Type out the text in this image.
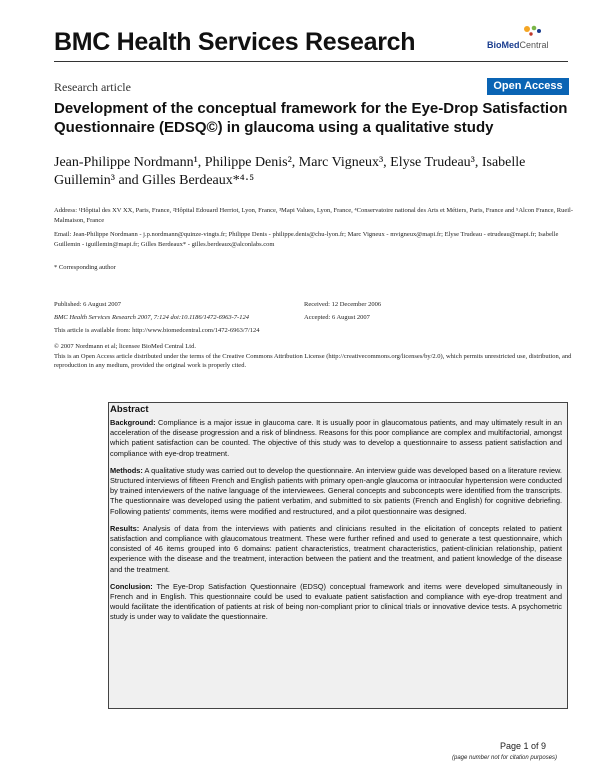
BMC Health Services Research	BioMedCentral
Research article	Open Access
Development of the conceptual framework for the Eye-Drop Satisfaction Questionnaire (EDSQ©) in glaucoma using a qualitative study
Jean-Philippe Nordmann¹, Philippe Denis², Marc Vigneux³, Elyse Trudeau³, Isabelle Guillemin³ and Gilles Berdeaux*⁴·⁵
Address: ¹Hôpital des XV XX, Paris, France, ²Hôpital Edouard Herriot, Lyon, France, ³Mapi Values, Lyon, France, ⁴Conservatoire national des Arts et Métiers, Paris, France and ⁵Alcon France, Rueil-Malmaison, France
Email: Jean-Philippe Nordmann - j.p.nordmann@quinze-vingts.fr; Philippe Denis - philippe.denis@chu-lyon.fr; Marc Vigneux - mvigneux@mapi.fr; Elyse Trudeau - etrudeau@mapi.fr; Isabelle Guillemin - iguillemin@mapi.fr; Gilles Berdeaux* - gilles.berdeaux@alconlabs.com
* Corresponding author
Published: 6 August 2007
BMC Health Services Research 2007, 7:124 doi:10.1186/1472-6963-7-124
This article is available from: http://www.biomedcentral.com/1472-6963/7/124
Received: 12 December 2006
Accepted: 6 August 2007
© 2007 Nordmann et al; licensee BioMed Central Ltd.
This is an Open Access article distributed under the terms of the Creative Commons Attribution License (http://creativecommons.org/licenses/by/2.0), which permits unrestricted use, distribution, and reproduction in any medium, provided the original work is properly cited.
Abstract

Background: Compliance is a major issue in glaucoma care. It is usually poor in glaucomatous patients, and may ultimately result in an acceleration of the disease progression and a risk of blindness. Reasons for this poor compliance are complex and multifactorial, amongst which patient satisfaction can be counted. The objective of this study was to develop a questionnaire to assess patient satisfaction and compliance with eye-drop treatment.

Methods: A qualitative study was carried out to develop the questionnaire. An interview guide was developed based on a literature review. Structured interviews of fifteen French and English patients with primary open-angle glaucoma or intraocular hypertension were conducted by trained interviewers of the native language of the interviewees. General concepts and subconcepts were identified from the transcripts. The questionnaire was developed using the patient verbatim, and submitted to six patients (French and English) for cognitive debriefing. Following patients' comments, items were modified and restructured, and a pilot questionnaire was designed.

Results: Analysis of data from the interviews with patients and clinicians resulted in the elicitation of concepts related to patient satisfaction and compliance with glaucomatous treatment. These were further refined and used to generate a test questionnaire, which consisted of 46 items grouped into 6 domains: patient characteristics, treatment characteristics, patient-clinician relationship, patient experience with the disease and the treatment, interaction between the patient and the treatment, and patient knowledge of the disease and the treatment.

Conclusion: The Eye-Drop Satisfaction Questionnaire (EDSQ) conceptual framework and items were developed simultaneously in French and in English. This questionnaire could be used to evaluate patient satisfaction and compliance with eye-drop treatment and would facilitate the identification of patients at risk of being non-compliant prior to clinical trials or innovative device tests. A psychometric study is under way to validate the questionnaire.

Page 1 of 9
(page number not for citation purposes)
